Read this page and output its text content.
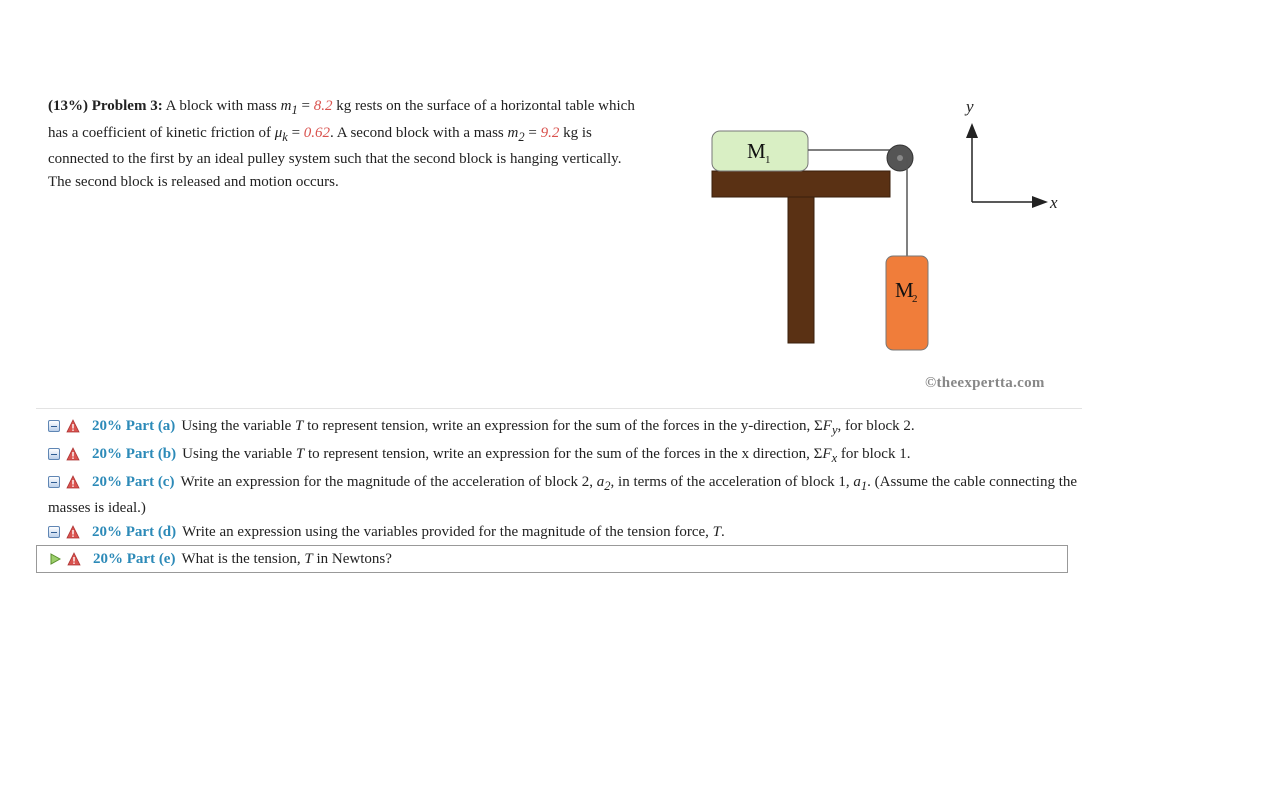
(13%) Problem 3: A block with mass $m_1 = 8.2$ kg rests on the surface of a horizontal table which has a coefficient of kinetic friction of $\mu_k = 0.62$. A second block with a mass $m_2 = 9.2$ kg is connected to the first by an ideal pulley system such that the second block is hanging vertically. The second block is released and motion occurs.
M 1
M
2
y
x
©theexpertta.com
20% Part (a) Using the variable T to represent tension, write an expression for the sum of the forces in the y-direction, $\Sigma F_y$, for block 2.
20% Part (b) Using the variable T to represent tension, write an expression for the sum of the forces in the x direction, $\Sigma F_x$ for block 1.
20% Part (c) Write an expression for the magnitude of the acceleration of block 2, $a_2$, in terms of the acceleration of block 1, $a_1$. (Assume the cable connecting the masses is ideal.)
20% Part (d) Write an expression using the variables provided for the magnitude of the tension force, T.
20% Part (e) What is the tension, T in Newtons?
